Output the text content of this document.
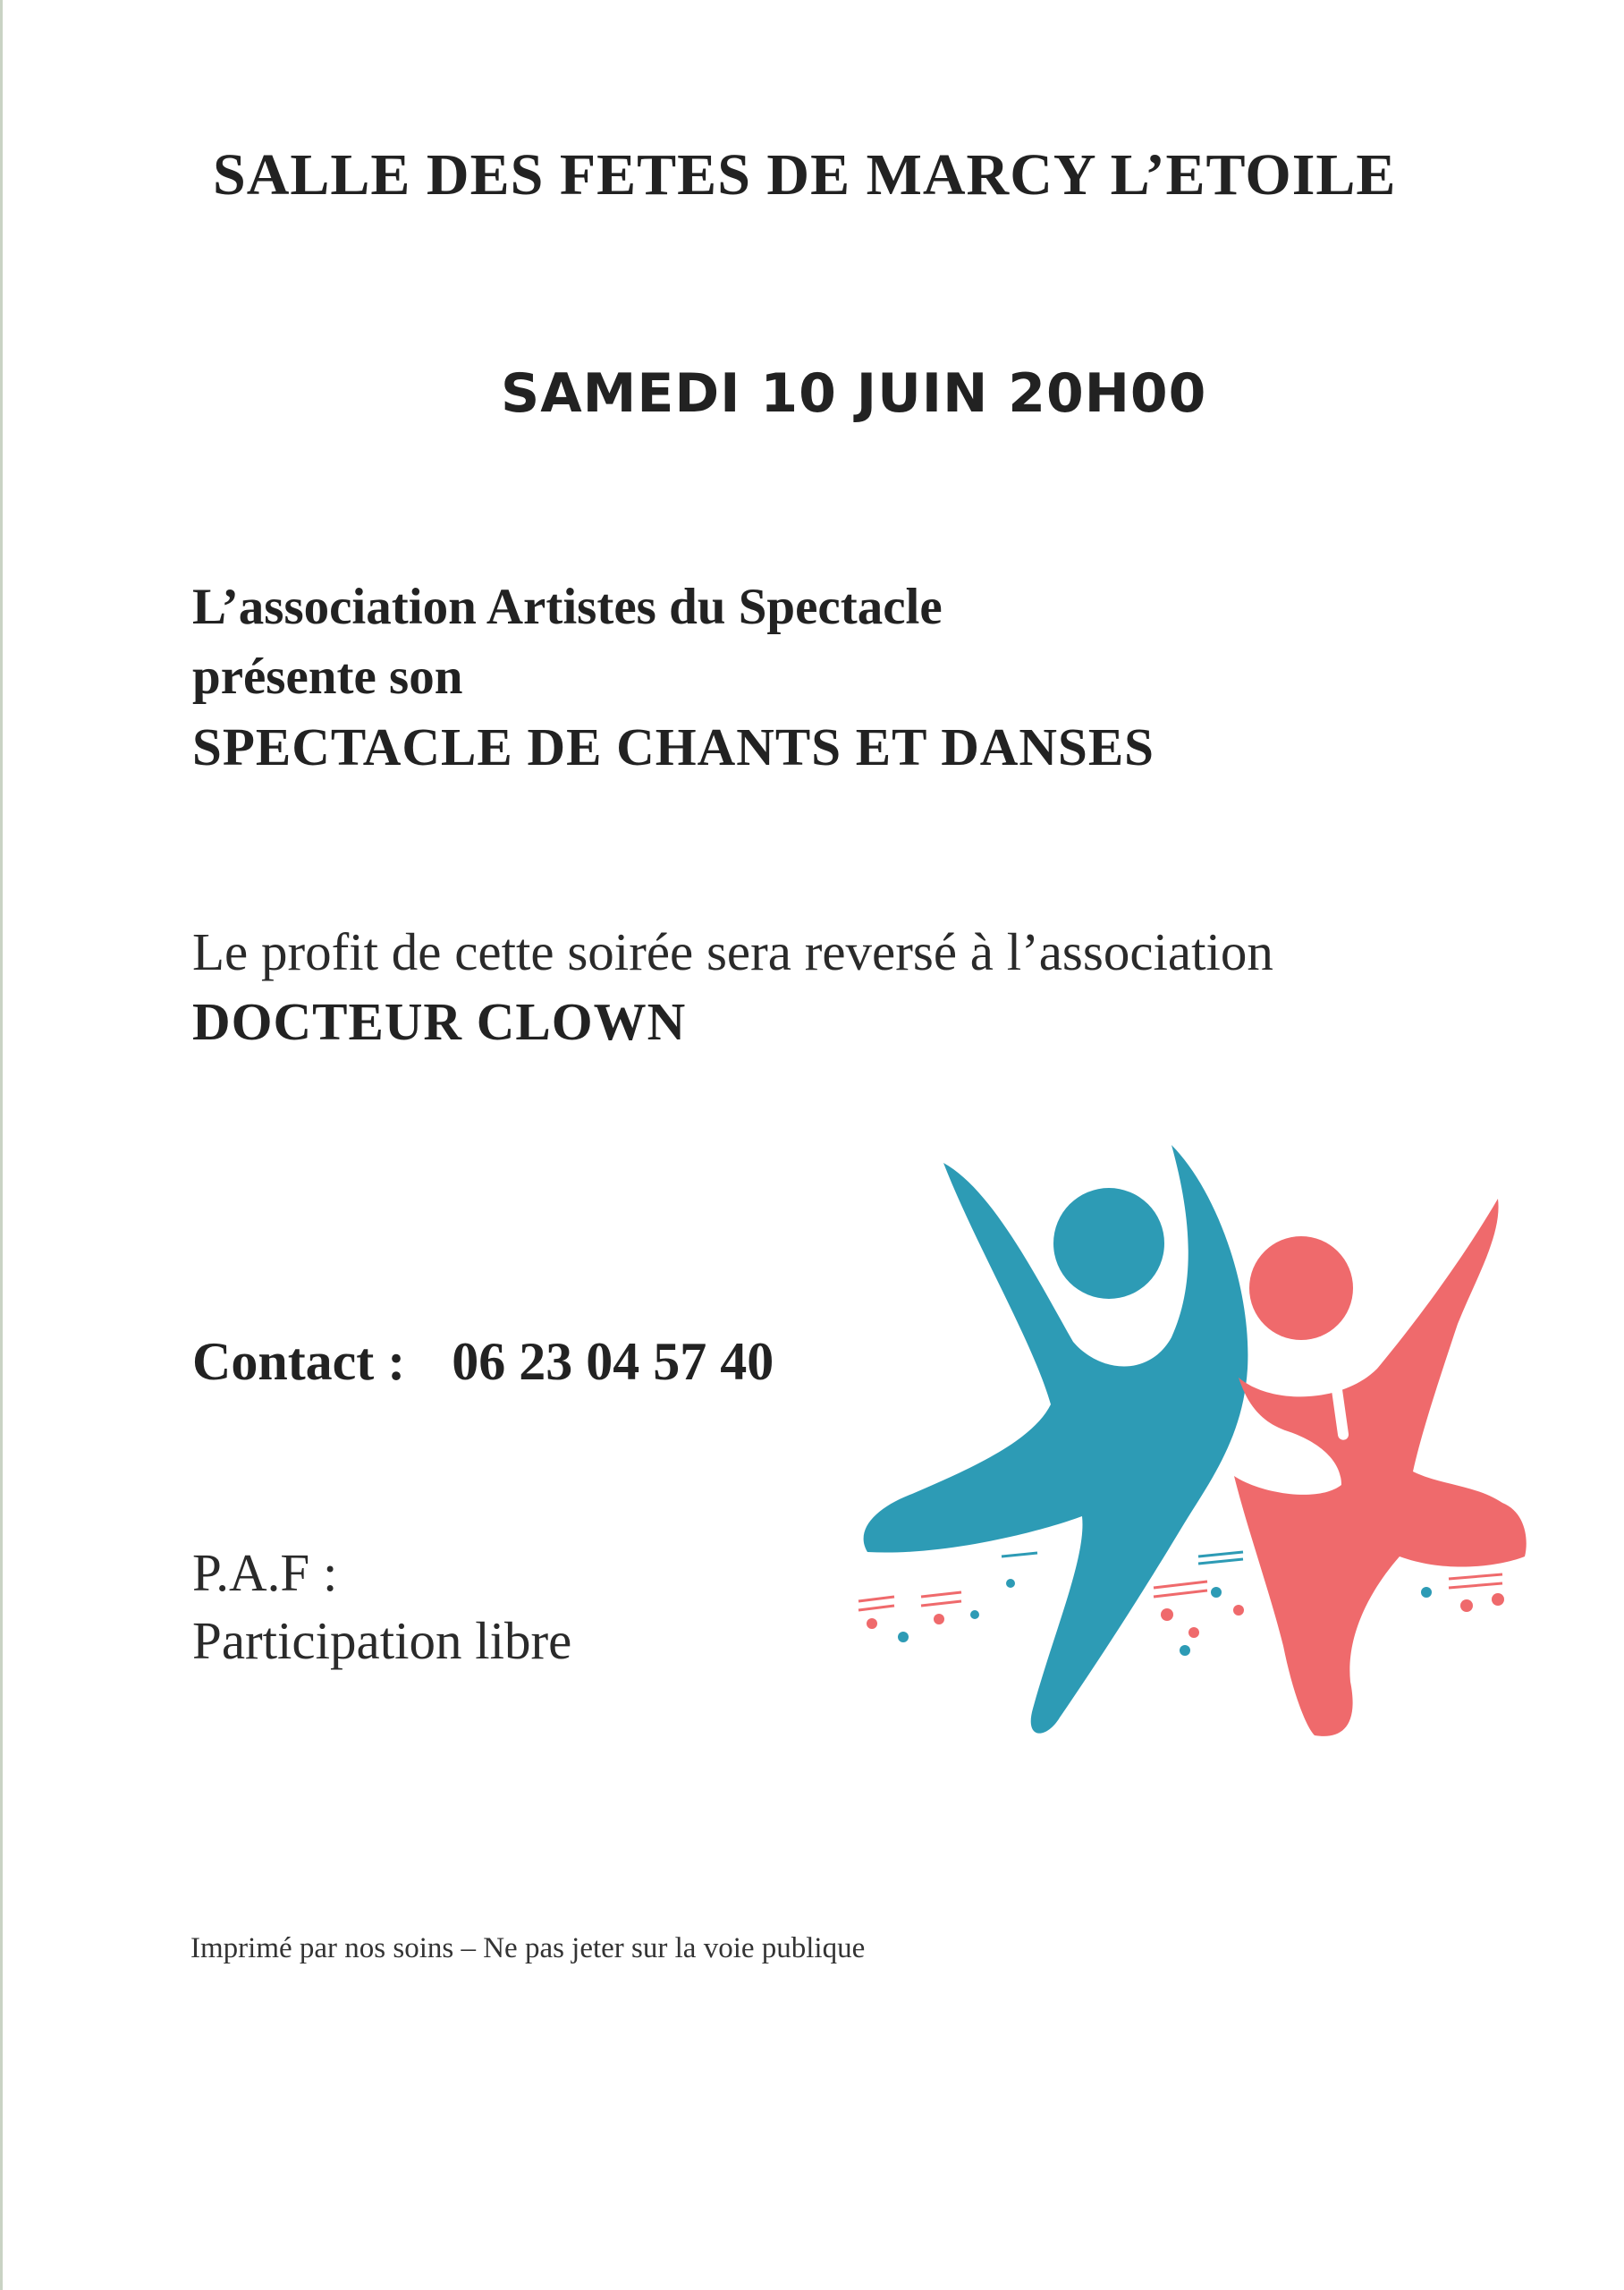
SALLE DES FETES DE MARCY L’ETOILE
SAMEDI 10 JUIN 20H00
L’association Artistes du Spectacle
présente son
SPECTACLE DE CHANTS ET DANSES
Le profit de cette soirée sera reversé à l’association
DOCTEUR CLOWN
Contact : 06 23 04 57 40
P.A.F :
Participation libre
Imprimé par nos soins – Ne pas jeter sur la voie publique
